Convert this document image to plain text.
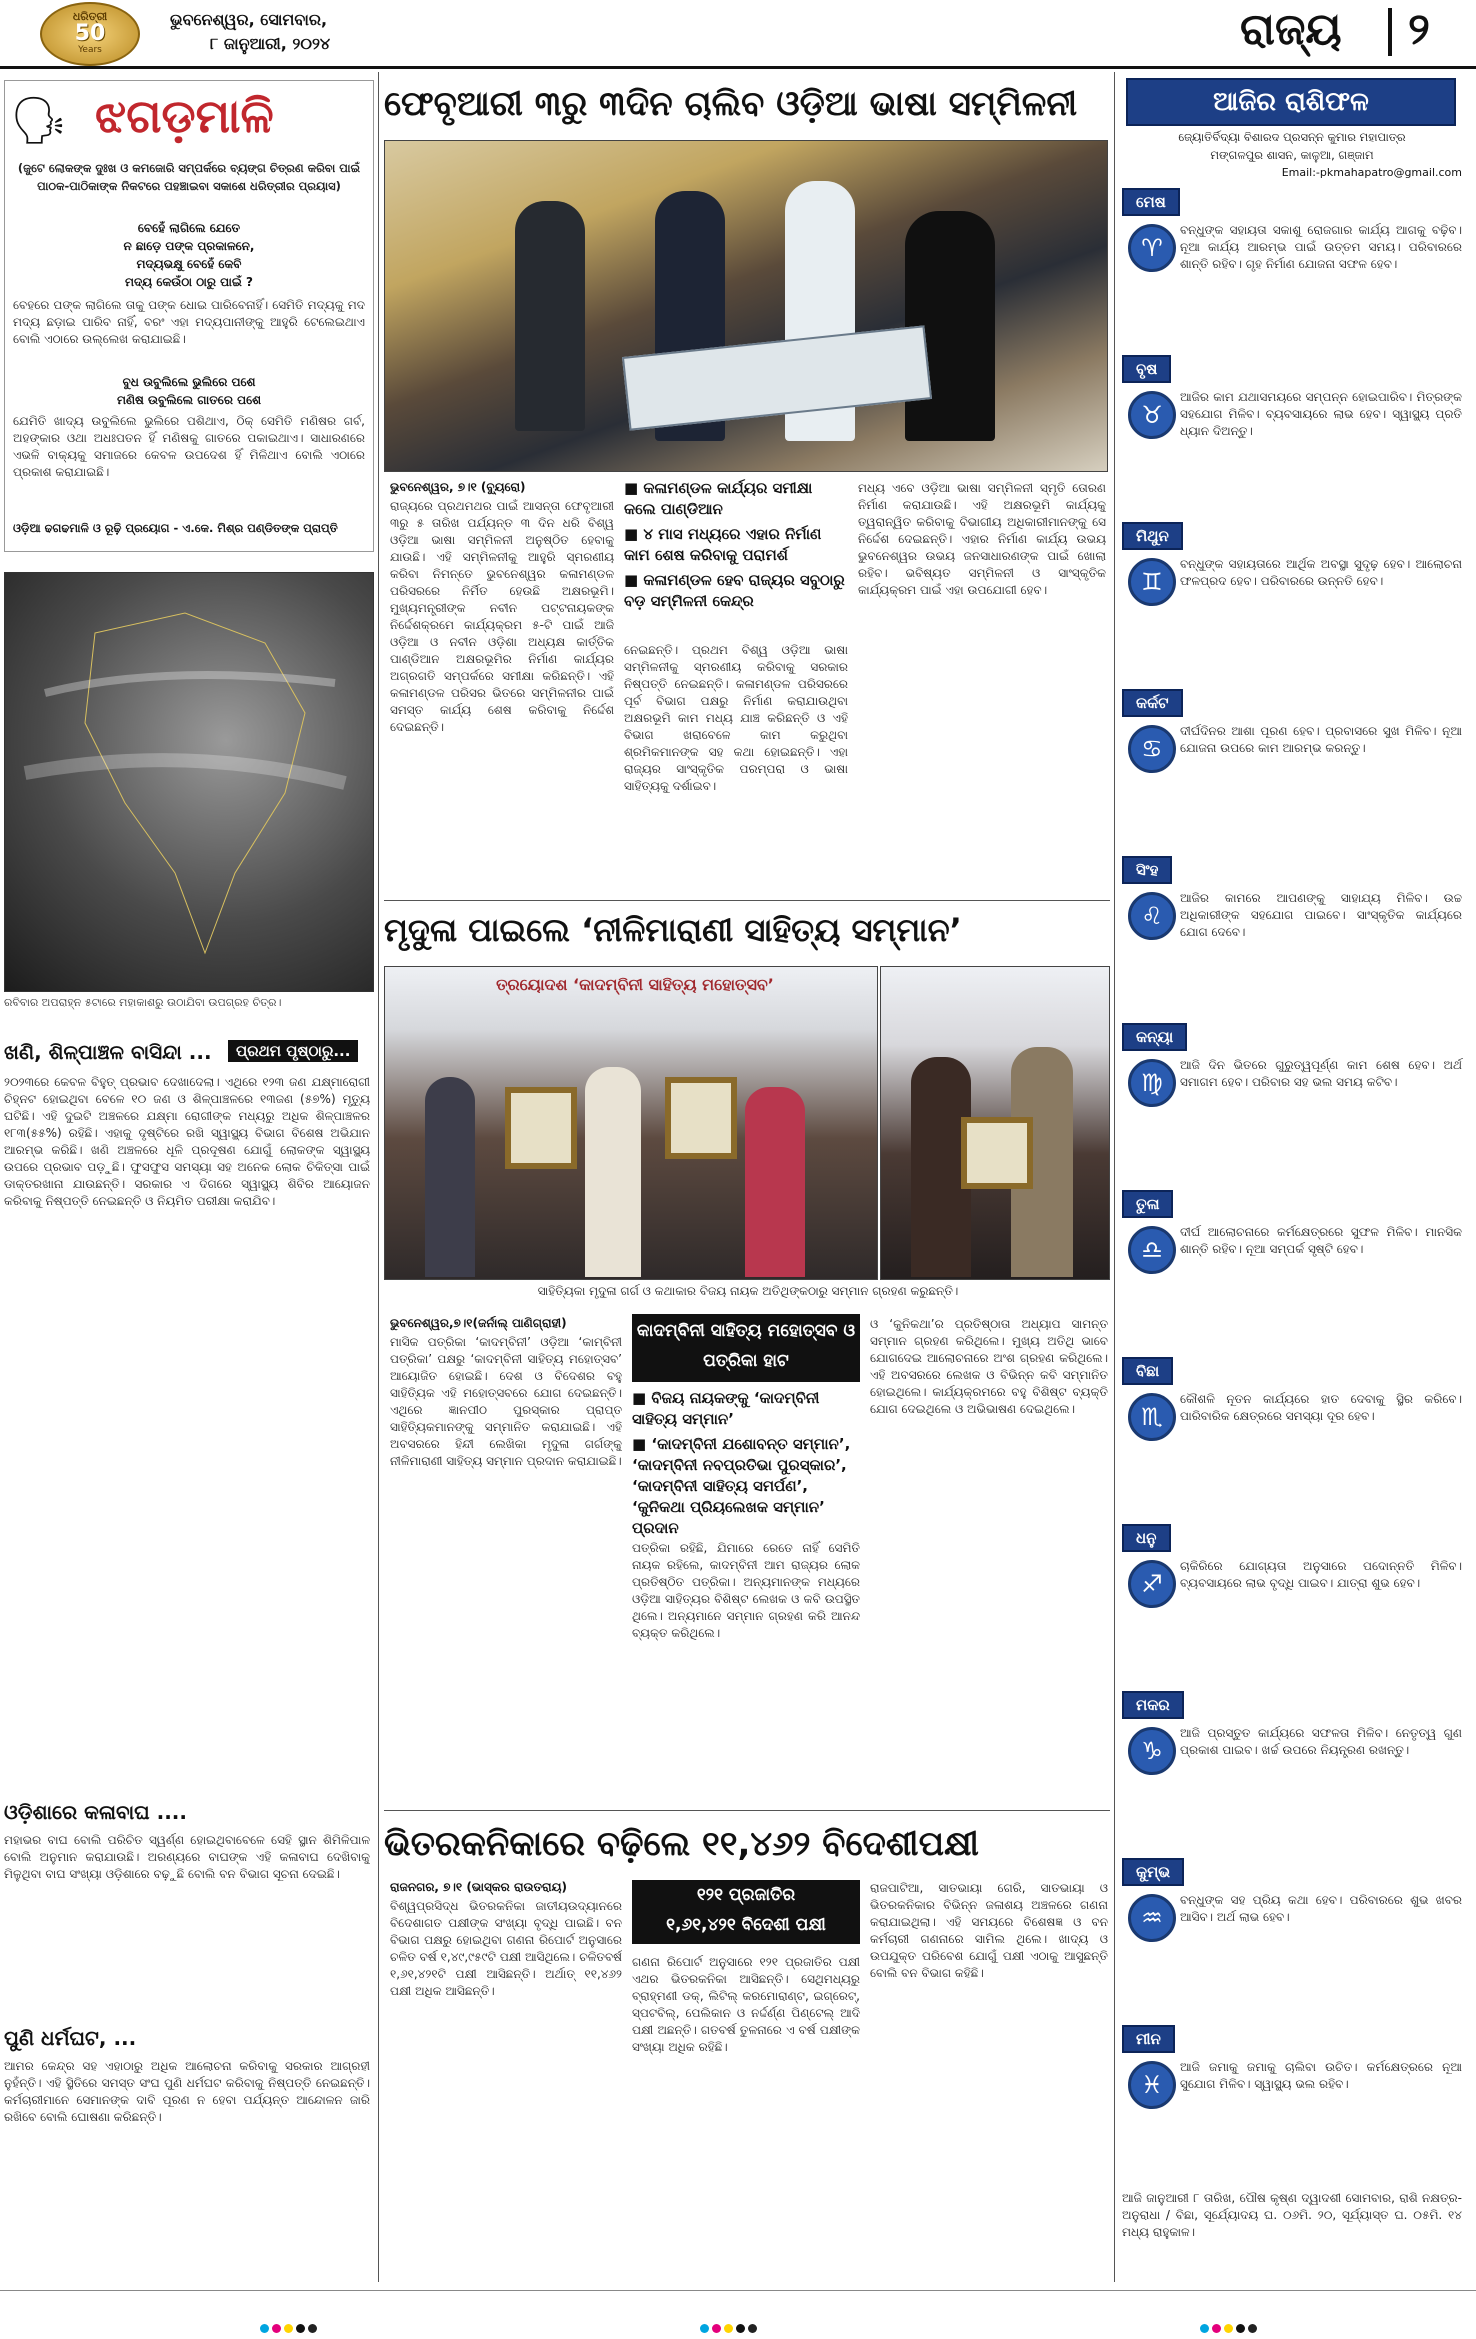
ଧରିତ୍ରୀ
50
Years
ଭୁବନେଶ୍ୱର, ସୋମବାର,
୮ ଜାନୁଆରୀ, ୨୦୨୪	ରାଜ୍ୟ ୨
🗣 ଝଗଡ଼ମାଳି
(ଜୁଟେ ଲୋକଙ୍କ ଦୁଃଖ ଓ କମଜୋରି ସମ୍ପର୍କରେ ବ୍ୟଙ୍ଗ ଚିତ୍ରଣ କରିବା ପାଇଁ ପାଠକ-ପାଠିକାଙ୍କ ନିକଟରେ ପହଞ୍ଚାଇବା ସକାଶେ ଧରିତ୍ରୀର ପ୍ରୟାସ)
ବେହେଁ ଲାଗିଲେ ଯେତେ
ନ ଛାଡ଼େ ପଙ୍କ ପ୍ରକାଳନେ,
ମଦ୍ୟଭକ୍ଷୁ ବେହେଁ କେବି
ମଦ୍ୟ କେଉଁଠା ଠାରୁ ପାଇଁ ?
ବେହରେ ପଙ୍କ ଲାଗିଲେ ତାକୁ ପଙ୍କ ଧୋଇ ପାରିବେନାହିଁ। ସେମିତି ମଦ୍ୟକୁ ମଦ ମଦ୍ୟ ଛଡ଼ାଇ ପାରିବ ନାହିଁ, ବରଂ ଏହା ମଦ୍ୟପାନୀଙ୍କୁ ଆହୁରି ଟେଲେଇଥାଏ ବୋଲି ଏଠାରେ ଉଲ୍ଲେଖ କରାଯାଇଛି।
ବୁଧ ଉବୁଲିଲେ ଭୁଲିରେ ପଶେ
ମଣିଷ ଉବୁଲିଲେ ଗାତରେ ପଶେ
ଯେମିତି ଖାଦ୍ୟ ଉବୁଲିଲେ ଭୁଲିରେ ପଶିଥାଏ, ଠିକ୍ ସେମିତି ମଣିଷର ଗର୍ବ, ଅହଙ୍କାର ଓଥା ଅଧଃପତନ ହିଁ ମଣିଷକୁ ଗାତରେ ପକାଇଥାଏ। ସାଧାରଣରେ ଏଭଳି ବାକ୍ୟକୁ ସମାଜରେ କେବଳ ଉପଦେଶ ହିଁ ମିଳିଥାଏ ବୋଲି ଏଠାରେ ପ୍ରକାଶ କରାଯାଇଛି।
ଓଡ଼ିଆ ଢଗଢମାଳି ଓ ରୂଢ଼ି ପ୍ରୟୋଗ - ଏ.କେ. ମିଶ୍ର ପଣ୍ଡିତଙ୍କ ପ୍ରାପ୍ତି
ରବିବାର ଅପରାହ୍ନ ୫ଟାରେ ମହାକାଶରୁ ଉଠାଯିବା ଉପଗ୍ରହ ଚିତ୍ର।
ଖଣି, ଶିଳ୍ପାଞ୍ଚଳ ବାସିନ୍ଦା ...	ପ୍ରଥମ ପୃଷ୍ଠାରୁ...
୨୦୨୩ରେ କେବଳ ବିହୁତ୍ ପ୍ରଭାବ ଦେଖାଦେଲା। ଏଥିରେ ୧୨୩ ଜଣ ଯକ୍ଷ୍ମାରୋଗୀ ଚିହ୍ନଟ ହୋଇଥିବା ବେଳେ ୧୦ ଜଣ ଓ ଶିଳ୍ପାଞ୍ଚଳରେ ୧୩ଜଣ (୫୭%) ମୃତ୍ୟୁ ଘଟିଛି। ଏହି ଦୁଇଟି ଅଞ୍ଚଳରେ ଯକ୍ଷ୍ମା ରୋଗୀଙ୍କ ମଧ୍ୟରୁ ଅଧିକ ଶିଳ୍ପାଞ୍ଚଳର ୧୮୩(୫୫%) ରହିଛି। ଏହାକୁ ଦୃଷ୍ଟିରେ ରଖି ସ୍ୱାସ୍ଥ୍ୟ ବିଭାଗ ବିଶେଷ ଅଭିଯାନ ଆରମ୍ଭ କରିଛି। ଖଣି ଅଞ୍ଚଳରେ ଧୂଳି ପ୍ରଦୂଷଣ ଯୋଗୁଁ ଲୋକଙ୍କ ସ୍ୱାସ୍ଥ୍ୟ ଉପରେ ପ୍ରଭାବ ପଡ଼ୁଛି। ଫୁସଫୁସ ସମସ୍ୟା ସହ ଅନେକ ଲୋକ ଚିକିତ୍ସା ପାଇଁ ଡାକ୍ତରଖାନା ଯାଉଛନ୍ତି। ସରକାର ଏ ଦିଗରେ ସ୍ୱାସ୍ଥ୍ୟ ଶିବିର ଆୟୋଜନ କରିବାକୁ ନିଷ୍ପତ୍ତି ନେଇଛନ୍ତି ଓ ନିୟମିତ ପରୀକ୍ଷା କରାଯିବ।
ଓଡ଼ିଶାରେ କଳାବାଘ ....
ମହାଭର ବାଘ ବୋଲି ପରିଚିତ ସ୍ୱର୍ଣ୍ଣ ହୋଇଥିବାବେଳେ ସେହି ସ୍ଥାନ ଶିମିଳିପାଳ ବୋଲି ଅନୁମାନ କରାଯାଉଛି। ଅରଣ୍ୟରେ ବାଘଙ୍କ ଏହି କଳାବାଘ ଦେଖିବାକୁ ମିଳୁଥିବା ବାଘ ସଂଖ୍ୟା ଓଡ଼ିଶାରେ ବଢ଼ୁଛି ବୋଲି ବନ ବିଭାଗ ସୂଚନା ଦେଇଛି।
ପୁଣି ଧର୍ମଘଟ, ...
ଆମର କେନ୍ଦ୍ର ସହ ଏହାଠାରୁ ଅଧିକ ଆଲୋଚନା କରିବାକୁ ସରକାର ଆଗ୍ରହୀ ନୁହଁନ୍ତି। ଏହି ସ୍ଥିତିରେ ସମସ୍ତ ସଂଘ ପୁଣି ଧର୍ମଘଟ କରିବାକୁ ନିଷ୍ପତ୍ତି ନେଇଛନ୍ତି। କର୍ମଚାରୀମାନେ ସେମାନଙ୍କ ଦାବି ପୂରଣ ନ ହେବା ପର୍ଯ୍ୟନ୍ତ ଆନ୍ଦୋଳନ ଜାରି ରଖିବେ ବୋଲି ଘୋଷଣା କରିଛନ୍ତି।
ଫେବୃଆରୀ ୩ରୁ ୩ଦିନ ଚାଲିବ ଓଡ଼ିଆ ଭାଷା ସମ୍ମିଳନୀ
ଭୁବନେଶ୍ୱର, ୭।୧ (ବ୍ୟୁରୋ)
ରାଜ୍ୟରେ ପ୍ରଥମଥର ପାଇଁ ଆସନ୍ତା ଫେବୃଆରୀ ୩ରୁ ୫ ତାରିଖ ପର୍ଯ୍ୟନ୍ତ ୩ ଦିନ ଧରି ବିଶ୍ୱ ଓଡ଼ିଆ ଭାଷା ସମ୍ମିଳନୀ ଅନୁଷ୍ଠିତ ହେବାକୁ ଯାଉଛି। ଏହି ସମ୍ମିଳନୀକୁ ଆହୁରି ସ୍ମରଣୀୟ କରିବା ନିମନ୍ତେ ଭୁବନେଶ୍ୱର କଳାମଣ୍ଡଳ ପରିସରରେ ନିର୍ମିତ ହେଉଛି ଅକ୍ଷରଭୂମି। ମୁଖ୍ୟମନ୍ତ୍ରୀଙ୍କ ନବୀନ ପଟ୍ଟନାୟକଙ୍କ ନିର୍ଦ୍ଦେଶକ୍ରମେ କାର୍ଯ୍ୟକ୍ରମ ୫-ଟି ପାଇଁ ଆଜି ଓଡ଼ିଆ ଓ ନବୀନ ଓଡ଼ିଶା ଅଧ୍ୟକ୍ଷ କାର୍ତ୍ତିକ ପାଣ୍ଡିଆନ ଅକ୍ଷରଭୂମିର ନିର୍ମାଣ କାର୍ଯ୍ୟର ଅଗ୍ରଗତି ସମ୍ପର୍କରେ ସମୀକ୍ଷା କରିଛନ୍ତି। ଏହି କଳାମଣ୍ଡଳ ପରିସର ଭିତରେ ସମ୍ମିଳନୀର ପାଇଁ ସମସ୍ତ କାର୍ଯ୍ୟ ଶେଷ କରିବାକୁ ନିର୍ଦ୍ଦେଶ ଦେଇଛନ୍ତି।
■ କଳାମଣ୍ଡଳ କାର୍ଯ୍ୟର ସମୀକ୍ଷା କଲେ ପାଣ୍ଡିଆନ
■ ୪ ମାସ ମଧ୍ୟରେ ଏହାର ନିର୍ମାଣ କାମ ଶେଷ କରିବାକୁ ପରାମର୍ଶ
■ କଳାମଣ୍ଡଳ ହେବ ରାଜ୍ୟର ସବୁଠାରୁ ବଡ଼ ସମ୍ମିଳନୀ କେନ୍ଦ୍ର
ନେଇଛନ୍ତି। ପ୍ରଥମ ବିଶ୍ୱ ଓଡ଼ିଆ ଭାଷା ସମ୍ମିଳନୀକୁ ସ୍ମରଣୀୟ କରିବାକୁ ସରକାର ନିଷ୍ପତ୍ତି ନେଇଛନ୍ତି। କଳାମଣ୍ଡଳ ପରିସରରେ ପୂର୍ବ ବିଭାଗ ପକ୍ଷରୁ ନିର୍ମାଣ କରାଯାଉଥିବା ଅକ୍ଷରଭୂମି କାମ ମଧ୍ୟ ଯାଞ୍ଚ କରିଛନ୍ତି ଓ ଏହି ବିଭାଗ ଖରାବେଳେ କାମ କରୁଥିବା ଶ୍ରମିକମାନଙ୍କ ସହ କଥା ହୋଇଛନ୍ତି। ଏହା ରାଜ୍ୟର ସାଂସ୍କୃତିକ ପରମ୍ପରା ଓ ଭାଷା ସାହିତ୍ୟକୁ ଦର୍ଶାଇବ।
ମଧ୍ୟ ଏବେ ଓଡ଼ିଆ ଭାଷା ସମ୍ମିଳନୀ ସ୍ମୃତି ତୋରଣ ନିର୍ମାଣ କରାଯାଉଛି। ଏହି ଅକ୍ଷରଭୂମି କାର୍ଯ୍ୟକୁ ତ୍ୱରାନ୍ୱିତ କରିବାକୁ ବିଭାଗୀୟ ଅଧିକାରୀମାନଙ୍କୁ ସେ ନିର୍ଦ୍ଦେଶ ଦେଇଛନ୍ତି। ଏହାର ନିର୍ମାଣ କାର୍ଯ୍ୟ ଉଭୟ ଭୁବନେଶ୍ୱର ଉଭୟ ଜନସାଧାରଣଙ୍କ ପାଇଁ ଖୋଲା ରହିବ। ଭବିଷ୍ୟତ ସମ୍ମିଳନୀ ଓ ସାଂସ୍କୃତିକ କାର୍ଯ୍ୟକ୍ରମ ପାଇଁ ଏହା ଉପଯୋଗୀ ହେବ।
ମୃଦୁଳା ପାଇଲେ ‘ନୀଳିମାରାଣୀ ସାହିତ୍ୟ ସମ୍ମାନ’
ତ୍ରୟୋଦଶ ‘କାଦମ୍ବିନୀ ସାହିତ୍ୟ ମହୋତ୍ସବ’
ସାହିତ୍ୟିକା ମୃଦୁଳା ଗର୍ଗ ଓ କଥାକାର ବିଜୟ ନାୟକ ଅତିଥିଙ୍କଠାରୁ ସମ୍ମାନ ଗ୍ରହଣ କରୁଛନ୍ତି।
ଭୁବନେଶ୍ୱର,୭।୧(ଜର୍ନାଲ୍ ପାଣିଗ୍ରାହୀ)
ମାସିକ ପତ୍ରିକା ‘କାଦମ୍ବିନୀ’ ଓଡ଼ିଆ ‘କାମ୍ବିନୀ ପତ୍ରିକା’ ପକ୍ଷରୁ ‘କାଦମ୍ବିନୀ ସାହିତ୍ୟ ମହୋତ୍ସବ’ ଆୟୋଜିତ ହୋଇଛି। ଦେଶ ଓ ବିଦେଶର ବହୁ ସାହିତ୍ୟିକ ଏହି ମହୋତ୍ସବରେ ଯୋଗ ଦେଇଛନ୍ତି। ଏଥିରେ ଜ୍ଞାନପୀଠ ପୁରସ୍କାର ପ୍ରାପ୍ତ ସାହିତ୍ୟିକମାନଙ୍କୁ ସମ୍ମାନିତ କରାଯାଇଛି। ଏହି ଅବସରରେ ହିନ୍ଦୀ ଲେଖିକା ମୃଦୁଳା ଗର୍ଗଙ୍କୁ ନୀଳିମାରାଣୀ ସାହିତ୍ୟ ସମ୍ମାନ ପ୍ରଦାନ କରାଯାଇଛି।
କାଦମ୍ବିନୀ ସାହିତ୍ୟ ମହୋତ୍ସବ ଓ ପତ୍ରିକା ହାଟ
■ ବିଜୟ ନାୟକଙ୍କୁ ‘କାଦମ୍ବିନୀ ସାହିତ୍ୟ ସମ୍ମାନ’
■ ‘କାଦମ୍ବିନୀ ଯଶୋବନ୍ତ ସମ୍ମାନ’, ‘କାଦମ୍ବିନୀ ନବପ୍ରତିଭା ପୁରସ୍କାର’, ‘କାଦମ୍ବିନୀ ସାହିତ୍ୟ ସମର୍ପଣ’, ‘କୁନିକଥା ପ୍ରିୟଲେଖକ ସମ୍ମାନ’ ପ୍ରଦାନ
ପତ୍ରିକା ରହିଛି, ଯିମାରେ ରେତେ ନାହିଁ ସେମିତି ନାୟକ ରହିଲେ, କାଦମ୍ବିନୀ ଆମ ରାଜ୍ୟର ଲୋକ ପ୍ରତିଷ୍ଠିତ ପତ୍ରିକା। ଅନ୍ୟମାନଙ୍କ ମଧ୍ୟରେ ଓଡ଼ିଆ ସାହିତ୍ୟର ବିଶିଷ୍ଟ ଲେଖକ ଓ କବି ଉପସ୍ଥିତ ଥିଲେ। ଅନ୍ୟମାନେ ସମ୍ମାନ ଗ୍ରହଣ କରି ଆନନ୍ଦ ବ୍ୟକ୍ତ କରିଥିଲେ।
ଓ ‘କୁନିକଥା’ର ପ୍ରତିଷ୍ଠାତା ଅଧ୍ୟାପ ସାମନ୍ତ ସମ୍ମାନ ଗ୍ରହଣ କରିଥିଲେ। ମୁଖ୍ୟ ଅତିଥି ଭାବେ ଯୋଗଦେଇ ଆଲୋଚନାରେ ଅଂଶ ଗ୍ରହଣ କରିଥିଲେ। ଏହି ଅବସରରେ ଲେଖକ ଓ ବିଭିନ୍ନ କବି ସମ୍ମାନିତ ହୋଇଥିଲେ। କାର୍ଯ୍ୟକ୍ରମରେ ବହୁ ବିଶିଷ୍ଟ ବ୍ୟକ୍ତି ଯୋଗ ଦେଇଥିଲେ ଓ ଅଭିଭାଷଣ ଦେଇଥିଲେ।
ଭିତରକନିକାରେ ବଢ଼ିଲେ ୧୧,୪୬୨ ବିଦେଶୀପକ୍ଷୀ
ରାଜନଗର, ୭।୧ (ଭାସ୍କର ରାଉତରାୟ)
ବିଶ୍ୱପ୍ରସିଦ୍ଧ ଭିତରକନିକା ଜାତୀୟଉଦ୍ୟାନରେ ବିଦେଶାଗତ ପକ୍ଷୀଙ୍କ ସଂଖ୍ୟା ବୃଦ୍ଧି ପାଇଛି। ବନ ବିଭାଗ ପକ୍ଷରୁ ହୋଇଥିବା ଗଣନା ରିପୋର୍ଟ ଅନୁସାରେ ଚଳିତ ବର୍ଷ ୧,୪୯,୯୫୯ଟି ପକ୍ଷୀ ଆସିଥିଲେ। ଚଳିତବର୍ଷ ୧,୬୧,୪୨୧ଟି ପକ୍ଷୀ ଆସିଛନ୍ତି। ଅର୍ଥାତ୍ ୧୧,୪୬୨ ପକ୍ଷୀ ଅଧିକ ଆସିଛନ୍ତି।
୧୨୧ ପ୍ରଜାତିର
୧,୬୧,୪୨୧ ବିଦେଶୀ ପକ୍ଷୀ
ଗଣନା ରିପୋର୍ଟ ଅନୁସାରେ ୧୨୧ ପ୍ରଜାତିର ପକ୍ଷୀ ଏଥର ଭିତରକନିକା ଆସିଛନ୍ତି। ସେଥିମଧ୍ୟରୁ ବ୍ରାହ୍ମଣୀ ଡକ୍, ଲିଟିଲ୍ କରମୋରାଣ୍ଟ, ଇଗ୍ରେଟ୍, ସ୍ପଟବିଲ୍, ପେଲିକାନ ଓ ନର୍ଦ୍ଦର୍ଣ୍ଣ ପିଣ୍ଟେଲ୍ ଆଦି ପକ୍ଷୀ ଅଛନ୍ତି। ଗତବର୍ଷ ତୁଳନାରେ ଏ ବର୍ଷ ପକ୍ଷୀଙ୍କ ସଂଖ୍ୟା ଅଧିକ ରହିଛି।
ରାଜପାଟିଆ, ସାତଭାୟା ଗେରି, ସାତଭାୟା ଓ ଭିତରକନିକାର ବିଭିନ୍ନ ଜଳାଶୟ ଅଞ୍ଚଳରେ ଗଣନା କରାଯାଇଥିଲା। ଏହି ସମୟରେ ବିଶେଷଜ୍ଞ ଓ ବନ କର୍ମଚାରୀ ଗଣନାରେ ସାମିଲ ଥିଲେ। ଖାଦ୍ୟ ଓ ଉପଯୁକ୍ତ ପରିବେଶ ଯୋଗୁଁ ପକ୍ଷୀ ଏଠାକୁ ଆସୁଛନ୍ତି ବୋଲି ବନ ବିଭାଗ କହିଛି।
ଆଜିର ରାଶିଫଳ
ଜ୍ୟୋତିର୍ବିଦ୍ୟା ବିଶାରଦ ପ୍ରସନ୍ନ କୁମାର ମହାପାତ୍ର
ମଙ୍ଗଳପୁର ଶାସନ, କାଳୁଆ, ଗଞ୍ଜାମ
Email:-pkmahapatro@gmail.com
ମେଷ
♈
ବନ୍ଧୁଙ୍କ ସହାୟତା ସକାଶୁ ରୋଜଗାର କାର୍ଯ୍ୟ ଆଗକୁ ବଢ଼ିବ। ନୂଆ କାର୍ଯ୍ୟ ଆରମ୍ଭ ପାଇଁ ଉତ୍ତମ ସମୟ। ପରିବାରରେ ଶାନ୍ତି ରହିବ। ଗୃହ ନିର୍ମାଣ ଯୋଜନା ସଫଳ ହେବ।
ବୃଷ
♉
ଆଜିର କାମ ଯଥାସମୟରେ ସମ୍ପନ୍ନ ହୋଇପାରିବ। ମିତ୍ରଙ୍କ ସହଯୋଗ ମିଳିବ। ବ୍ୟବସାୟରେ ଲାଭ ହେବ। ସ୍ୱାସ୍ଥ୍ୟ ପ୍ରତି ଧ୍ୟାନ ଦିଅନ୍ତୁ।
ମିଥୁନ
♊
ବନ୍ଧୁଙ୍କ ସହାୟତାରେ ଆର୍ଥିକ ଅବସ୍ଥା ସୁଦୃଢ଼ ହେବ। ଆଲୋଚନା ଫଳପ୍ରଦ ହେବ। ପରିବାରରେ ଉନ୍ନତି ହେବ।
କର୍କଟ
♋
ଦୀର୍ଘଦିନର ଆଶା ପୂରଣ ହେବ। ପ୍ରବାସରେ ସୁଖ ମିଳିବ। ନୂଆ ଯୋଜନା ଉପରେ କାମ ଆରମ୍ଭ କରନ୍ତୁ।
ସିଂହ
♌
ଆଜିର କାମରେ ଆପଣଙ୍କୁ ସାହାଯ୍ୟ ମିଳିବ। ଉଚ୍ଚ ଅଧିକାରୀଙ୍କ ସହଯୋଗ ପାଇବେ। ସାଂସ୍କୃତିକ କାର୍ଯ୍ୟରେ ଯୋଗ ଦେବେ।
କନ୍ୟା
♍
ଆଜି ଦିନ ଭିତରେ ଗୁରୁତ୍ୱପୂର୍ଣ୍ଣ କାମ ଶେଷ ହେବ। ଅର୍ଥ ସମାଗମ ହେବ। ପରିବାର ସହ ଭଲ ସମୟ କଟିବ।
ତୁଳା
♎
ଦୀର୍ଘ ଆଲୋଚନାରେ କର୍ମକ୍ଷେତ୍ରରେ ସୁଫଳ ମିଳିବ। ମାନସିକ ଶାନ୍ତି ରହିବ। ନୂଆ ସମ୍ପର୍କ ସୃଷ୍ଟି ହେବ।
ବିଛା
♏
କୌଶଳି ନୂତନ କାର୍ଯ୍ୟରେ ହାତ ଦେବାକୁ ସ୍ଥିର କରିବେ। ପାରିବାରିକ କ୍ଷେତ୍ରରେ ସମସ୍ୟା ଦୂର ହେବ।
ଧନୁ
♐
ଚାକିରିରେ ଯୋଗ୍ୟତା ଅନୁସାରେ ପଦୋନ୍ନତି ମିଳିବ। ବ୍ୟବସାୟରେ ଲାଭ ବୃଦ୍ଧି ପାଇବ। ଯାତ୍ରା ଶୁଭ ହେବ।
ମକର
♑
ଆଜି ପ୍ରସ୍ତୁତ କାର୍ଯ୍ୟରେ ସଫଳତା ମିଳିବ। ନେତୃତ୍ୱ ଗୁଣ ପ୍ରକାଶ ପାଇବ। ଖର୍ଚ୍ଚ ଉପରେ ନିୟନ୍ତ୍ରଣ ରଖନ୍ତୁ।
କୁମ୍ଭ
♒
ବନ୍ଧୁଙ୍କ ସହ ପ୍ରିୟ କଥା ହେବ। ପରିବାରରେ ଶୁଭ ଖବର ଆସିବ। ଅର୍ଥ ଲାଭ ହେବ।
ମୀନ
♓
ଆଜି ଜମାକୁ ଜମାକୁ ଚାଲିବା ଉଚିତ। କର୍ମକ୍ଷେତ୍ରରେ ନୂଆ ସୁଯୋଗ ମିଳିବ। ସ୍ୱାସ୍ଥ୍ୟ ଭଲ ରହିବ।
ଆଜି ଜାନୁଆରୀ ୮ ତାରିଖ, ପୌଷ କୃଷ୍ଣ ଦ୍ୱାଦଶୀ ସୋମବାର, ରାଶି ନକ୍ଷତ୍ର-ଅନୁରାଧା / ବିଛା, ସୂର୍ଯ୍ୟୋଦୟ ଘ. ୦୬ମି. ୨୦, ସୂର୍ଯ୍ୟାସ୍ତ ଘ. ୦୫ମି. ୧୪ ମଧ୍ୟ ରାହୁକାଳ।
